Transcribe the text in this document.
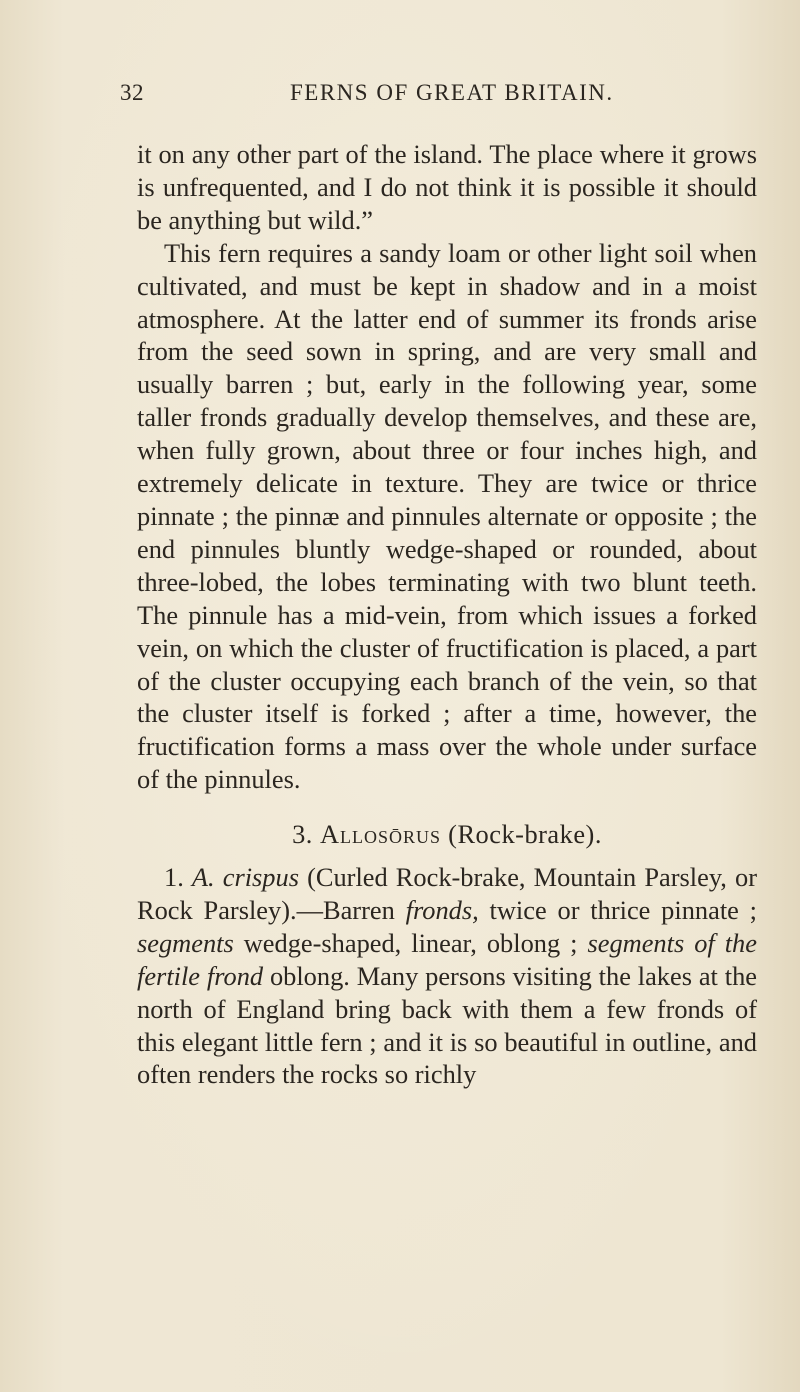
32	FERNS OF GREAT BRITAIN.

it on any other part of the island. The place where it grows is unfrequented, and I do not think it is possible it should be anything but wild.”

This fern requires a sandy loam or other light soil when cultivated, and must be kept in shadow and in a moist atmosphere. At the latter end of summer its fronds arise from the seed sown in spring, and are very small and usually barren ; but, early in the following year, some taller fronds gradually develop themselves, and these are, when fully grown, about three or four inches high, and extremely delicate in texture. They are twice or thrice pinnate ; the pinnæ and pinnules alternate or opposite ; the end pinnules bluntly wedge-shaped or rounded, about three-lobed, the lobes terminating with two blunt teeth. The pinnule has a mid-vein, from which issues a forked vein, on which the cluster of fructification is placed, a part of the cluster occupying each branch of the vein, so that the cluster itself is forked ; after a time, however, the fructification forms a mass over the whole under surface of the pinnules.

3. Allosōrus (Rock-brake).

1. A. crispus (Curled Rock-brake, Mountain Parsley, or Rock Parsley).—Barren fronds, twice or thrice pinnate ; segments wedge-shaped, linear, oblong ; segments of the fertile frond oblong. Many persons visiting the lakes at the north of England bring back with them a few fronds of this elegant little fern ; and it is so beautiful in outline, and often renders the rocks so richly
